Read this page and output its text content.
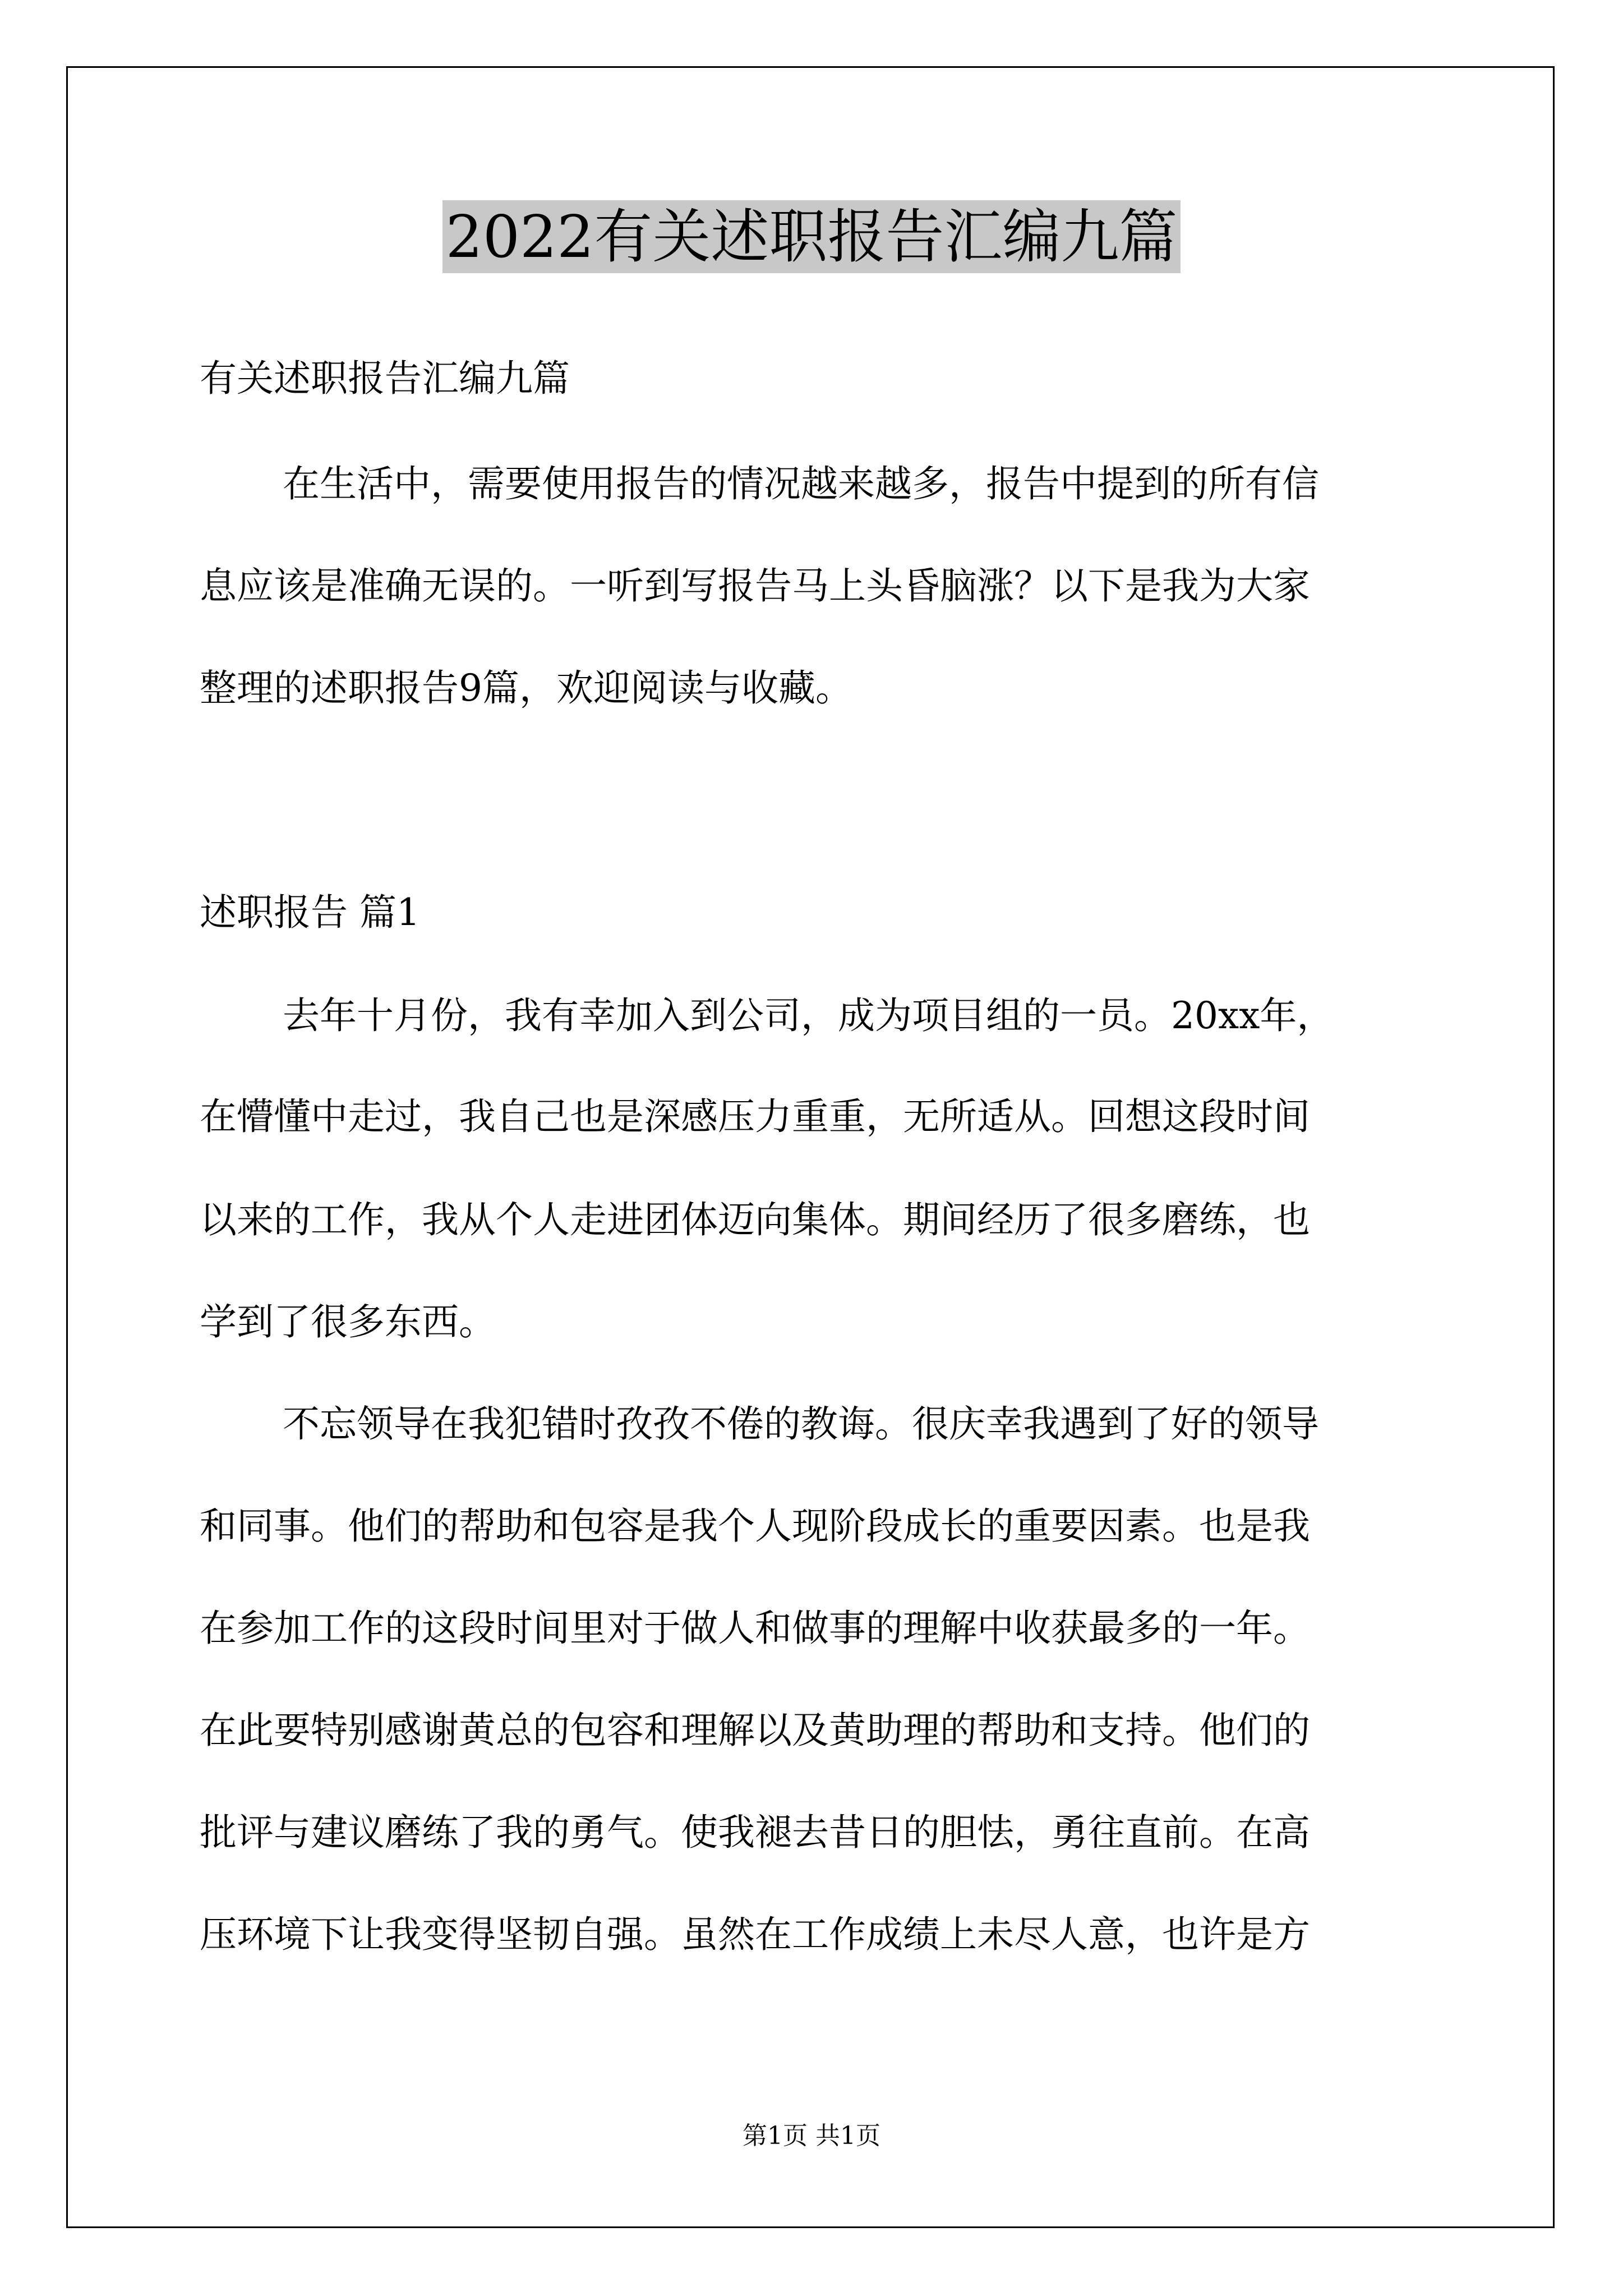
2022有关述职报告汇编九篇
有关述职报告汇编九篇
在生活中，需要使用报告的情况越来越多，报告中提到的所有信
息应该是准确无误的。一听到写报告马上头昏脑涨？以下是我为大家
整理的述职报告9篇，欢迎阅读与收藏。
述职报告 篇1
去年十月份，我有幸加入到公司，成为项目组的一员。20xx年，
在懵懂中走过，我自己也是深感压力重重，无所适从。回想这段时间
以来的工作，我从个人走进团体迈向集体。期间经历了很多磨练，也
学到了很多东西。
不忘领导在我犯错时孜孜不倦的教诲。很庆幸我遇到了好的领导
和同事。他们的帮助和包容是我个人现阶段成长的重要因素。也是我
在参加工作的这段时间里对于做人和做事的理解中收获最多的一年。
在此要特别感谢黄总的包容和理解以及黄助理的帮助和支持。他们的
批评与建议磨练了我的勇气。使我褪去昔日的胆怯，勇往直前。在高
压环境下让我变得坚韧自强。虽然在工作成绩上未尽人意，也许是方
第1页 共1页
